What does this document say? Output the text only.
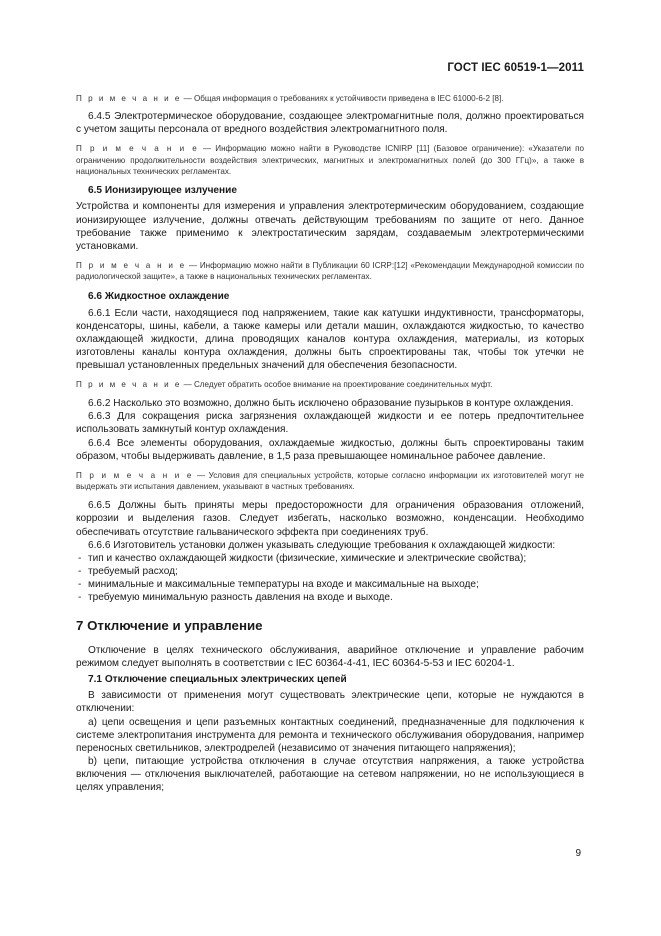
ГОСТ IEC 60519-1—2011

П р и м е ч а н и е — Общая информация о требованиях к устойчивости приведена в IEC 61000-6-2 [8].

6.4.5 Электротермическое оборудование, создающее электромагнитные поля, должно проектироваться с учетом защиты персонала от вредного воздействия электромагнитного поля.

П р и м е ч а н и е — Информацию можно найти в Руководстве ICNIRP [11] (Базовое ограничение): «Указатели по ограничению продолжительности воздействия электрических, магнитных и электромагнитных полей (до 300 ГГц)», а также в национальных технических регламентах.

6.5 Ионизирующее излучение

Устройства и компоненты для измерения и управления электротермическим оборудованием, создающие ионизирующее излучение, должны отвечать действующим требованиям по защите от него. Данное требование также применимо к электростатическим зарядам, создаваемым электротермическими установками.

П р и м е ч а н и е — Информацию можно найти в Публикации 60 ICRP:[12] «Рекомендации Международной комиссии по радиологической защите», а также в национальных технических регламентах.

6.6 Жидкостное охлаждение

6.6.1 Если части, находящиеся под напряжением, такие как катушки индуктивности, трансформаторы, конденсаторы, шины, кабели, а также камеры или детали машин, охлаждаются жидкостью, то качество охлаждающей жидкости, длина проводящих каналов контура охлаждения, материалы, из которых изготовлены каналы контура охлаждения, должны быть спроектированы так, чтобы ток утечки не превышал установленных предельных значений для обеспечения безопасности.

П р и м е ч а н и е — Следует обратить особое внимание на проектирование соединительных муфт.

6.6.2 Насколько это возможно, должно быть исключено образование пузырьков в контуре охлаждения.

6.6.3 Для сокращения риска загрязнения охлаждающей жидкости и ее потерь предпочтительнее использовать замкнутый контур охлаждения.

6.6.4 Все элементы оборудования, охлаждаемые жидкостью, должны быть спроектированы таким образом, чтобы выдерживать давление, в 1,5 раза превышающее номинальное рабочее давление.

П р и м е ч а н и е — Условия для специальных устройств, которые согласно информации их изготовителей могут не выдержать эти испытания давлением, указывают в частных требованиях.

6.6.5 Должны быть приняты меры предосторожности для ограничения образования отложений, коррозии и выделения газов. Следует избегать, насколько возможно, конденсации. Необходимо обеспечивать отсутствие гальванического эффекта при соединениях труб.

6.6.6 Изготовитель установки должен указывать следующие требования к охлаждающей жидкости:

- тип и качество охлаждающей жидкости (физические, химические и электрические свойства);
- требуемый расход;
- минимальные и максимальные температуры на входе и максимальные на выходе;
- требуемую минимальную разность давления на входе и выходе.

7 Отключение и управление

Отключение в целях технического обслуживания, аварийное отключение и управление рабочим режимом следует выполнять в соответствии с IEC 60364-4-41, IEC 60364-5-53 и IEC 60204-1.

7.1 Отключение специальных электрических цепей

В зависимости от применения могут существовать электрические цепи, которые не нуждаются в отключении:

a) цепи освещения и цепи разъемных контактных соединений, предназначенные для подключения к системе электропитания инструмента для ремонта и технического обслуживания оборудования, например переносных светильников, электродрелей (независимо от значения питающего напряжения);

b) цепи, питающие устройства отключения в случае отсутствия напряжения, а также устройства включения — отключения выключателей, работающие на сетевом напряжении, но не использующиеся в целях управления;

9
